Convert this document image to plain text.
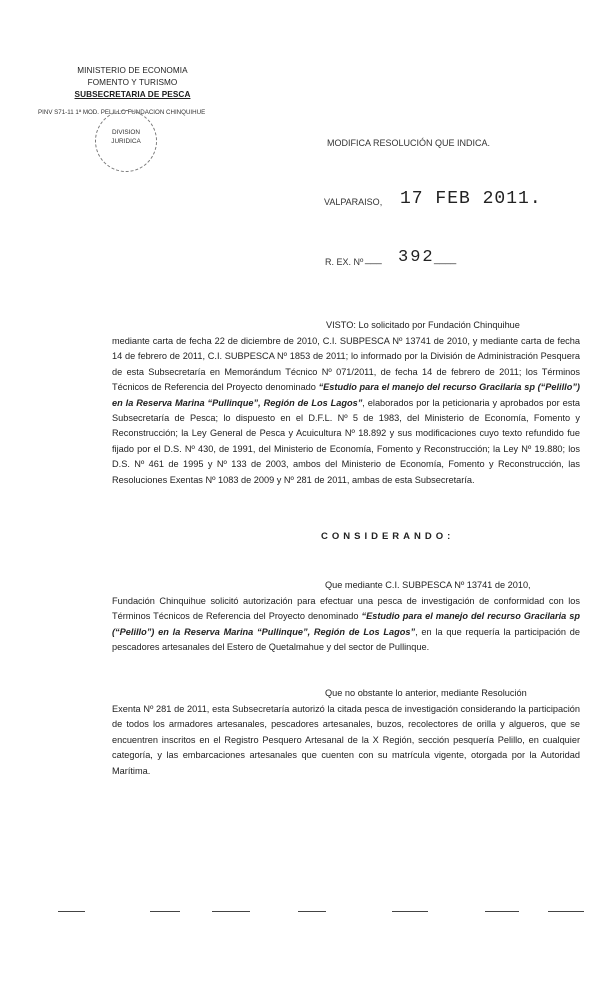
MINISTERIO DE ECONOMIA
FOMENTO Y TURISMO
SUBSECRETARIA DE PESCA
PINV S71-11 1ª MOD. PELILLO FUNDACION CHINQUIHUE
DIVISION
JURIDICA	MODIFICA RESOLUCIÓN QUE INDICA.
VALPARAISO, 17 FEB 2011.
R. EX. Nº ___ 392 ____
VISTO: Lo solicitado por Fundación Chinquihue
mediante carta de fecha 22 de diciembre de 2010, C.I. SUBPESCA Nº 13741 de 2010, y mediante carta de fecha 14 de febrero de 2011, C.I. SUBPESCA Nº 1853 de 2011; lo informado por la División de Administración Pesquera de esta Subsecretaría en Memorándum Técnico Nº 071/2011, de fecha 14 de febrero de 2011; los Términos Técnicos de Referencia del Proyecto denominado “Estudio para el manejo del recurso Gracilaria sp (“Pelillo”) en la Reserva Marina “Pullinque”, Región de Los Lagos”, elaborados por la peticionaria y aprobados por esta Subsecretaría de Pesca; lo dispuesto en el D.F.L. Nº 5 de 1983, del Ministerio de Economía, Fomento y Reconstrucción; la Ley General de Pesca y Acuicultura Nº 18.892 y sus modificaciones cuyo texto refundido fue fijado por el D.S. Nº 430, de 1991, del Ministerio de Economía, Fomento y Reconstrucción; la Ley Nº 19.880; los D.S. Nº 461 de 1995 y Nº 133 de 2003, ambos del Ministerio de Economía, Fomento y Reconstrucción, las Resoluciones Exentas Nº 1083 de 2009 y Nº 281 de 2011, ambas de esta Subsecretaría.
CONSIDERANDO:
Que mediante C.I. SUBPESCA Nº 13741 de 2010,
Fundación Chinquihue solicitó autorización para efectuar una pesca de investigación de conformidad con los Términos Técnicos de Referencia del Proyecto denominado “Estudio para el manejo del recurso Gracilaria sp (“Pelillo”) en la Reserva Marina “Pullinque”, Región de Los Lagos”, en la que requería la participación de pescadores artesanales del Estero de Quetalmahue y del sector de Pullinque.
Que no obstante lo anterior, mediante Resolución
Exenta Nº 281 de 2011, esta Subsecretaría autorizó la citada pesca de investigación considerando la participación de todos los armadores artesanales, pescadores artesanales, buzos, recolectores de orilla y algueros, que se encuentren inscritos en el Registro Pesquero Artesanal de la X Región, sección pesquería Pelillo, en cualquier categoría, y las embarcaciones artesanales que cuenten con su matrícula vigente, otorgada por la Autoridad Marítima.
